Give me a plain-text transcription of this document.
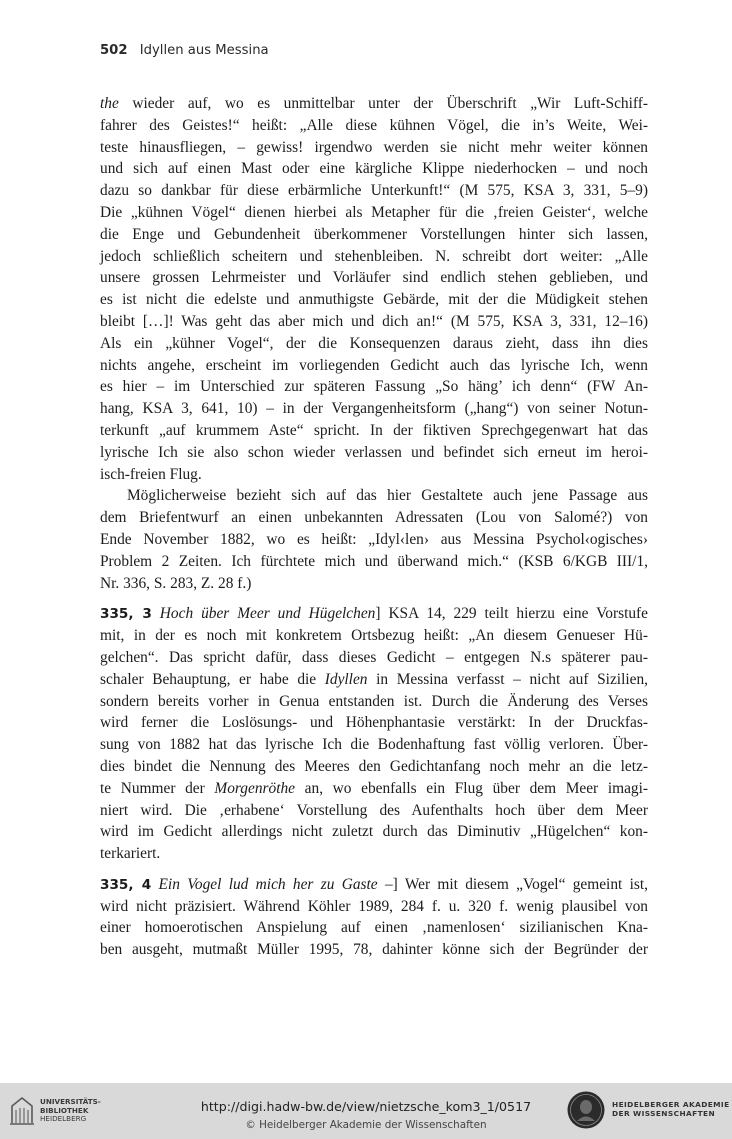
502 Idyllen aus Messina
the wieder auf, wo es unmittelbar unter der Überschrift „Wir Luft-Schiff-
fahrer des Geistes!“ heißt: „Alle diese kühnen Vögel, die in’s Weite, Wei-
teste hinausfliegen, – gewiss! irgendwo werden sie nicht mehr weiter können
und sich auf einen Mast oder eine kärgliche Klippe niederhocken – und noch
dazu so dankbar für diese erbärmliche Unterkunft!“ (M 575, KSA 3, 331, 5–9)
Die „kühnen Vögel“ dienen hierbei als Metapher für die ‚freien Geister‘, welche
die Enge und Gebundenheit überkommener Vorstellungen hinter sich lassen,
jedoch schließlich scheitern und stehenbleiben. N. schreibt dort weiter: „Alle
unsere grossen Lehrmeister und Vorläufer sind endlich stehen geblieben, und
es ist nicht die edelste und anmuthigste Gebärde, mit der die Müdigkeit stehen
bleibt […]! Was geht das aber mich und dich an!“ (M 575, KSA 3, 331, 12–16)
Als ein „kühner Vogel“, der die Konsequenzen daraus zieht, dass ihn dies
nichts angehe, erscheint im vorliegenden Gedicht auch das lyrische Ich, wenn
es hier – im Unterschied zur späteren Fassung „So häng’ ich denn“ (FW An-
hang, KSA 3, 641, 10) – in der Vergangenheitsform („hang“) von seiner Notun-
terkunft „auf krummem Aste“ spricht. In der fiktiven Sprechgegenwart hat das
lyrische Ich sie also schon wieder verlassen und befindet sich erneut im heroi-
isch-freien Flug.
Möglicherweise bezieht sich auf das hier Gestaltete auch jene Passage aus
dem Briefentwurf an einen unbekannten Adressaten (Lou von Salomé?) von
Ende November 1882, wo es heißt: „Idyl‹len› aus Messina Psychol‹ogisches›
Problem 2 Zeiten. Ich fürchtete mich und überwand mich.“ (KSB 6/KGB III/1,
Nr. 336, S. 283, Z. 28 f.)
335, 3 Hoch über Meer und Hügelchen] KSA 14, 229 teilt hierzu eine Vorstufe
mit, in der es noch mit konkretem Ortsbezug heißt: „An diesem Genueser Hü-
gelchen“. Das spricht dafür, dass dieses Gedicht – entgegen N.s späterer pau-
schaler Behauptung, er habe die Idyllen in Messina verfasst – nicht auf Sizilien,
sondern bereits vorher in Genua entstanden ist. Durch die Änderung des Verses
wird ferner die Loslösungs- und Höhenphantasie verstärkt: In der Druckfas-
sung von 1882 hat das lyrische Ich die Bodenhaftung fast völlig verloren. Über-
dies bindet die Nennung des Meeres den Gedichtanfang noch mehr an die letz-
te Nummer der Morgenröthe an, wo ebenfalls ein Flug über dem Meer imagi-
niert wird. Die ‚erhabene‘ Vorstellung des Aufenthalts hoch über dem Meer
wird im Gedicht allerdings nicht zuletzt durch das Diminutiv „Hügelchen“ kon-
terkariert.
335, 4 Ein Vogel lud mich her zu Gaste –] Wer mit diesem „Vogel“ gemeint ist,
wird nicht präzisiert. Während Köhler 1989, 284 f. u. 320 f. wenig plausibel von
einer homoerotischen Anspielung auf einen ‚namenlosen‘ sizilianischen Kna-
ben ausgeht, mutmaßt Müller 1995, 78, dahinter könne sich der Begründer der
UNIVERSITÄTS-
BIBLIOTHEK
HEIDELBERG
http://digi.hadw-bw.de/view/nietzsche_kom3_1/0517
© Heidelberger Akademie der Wissenschaften
HEIDELBERGER AKADEMIE
DER WISSENSCHAFTEN
